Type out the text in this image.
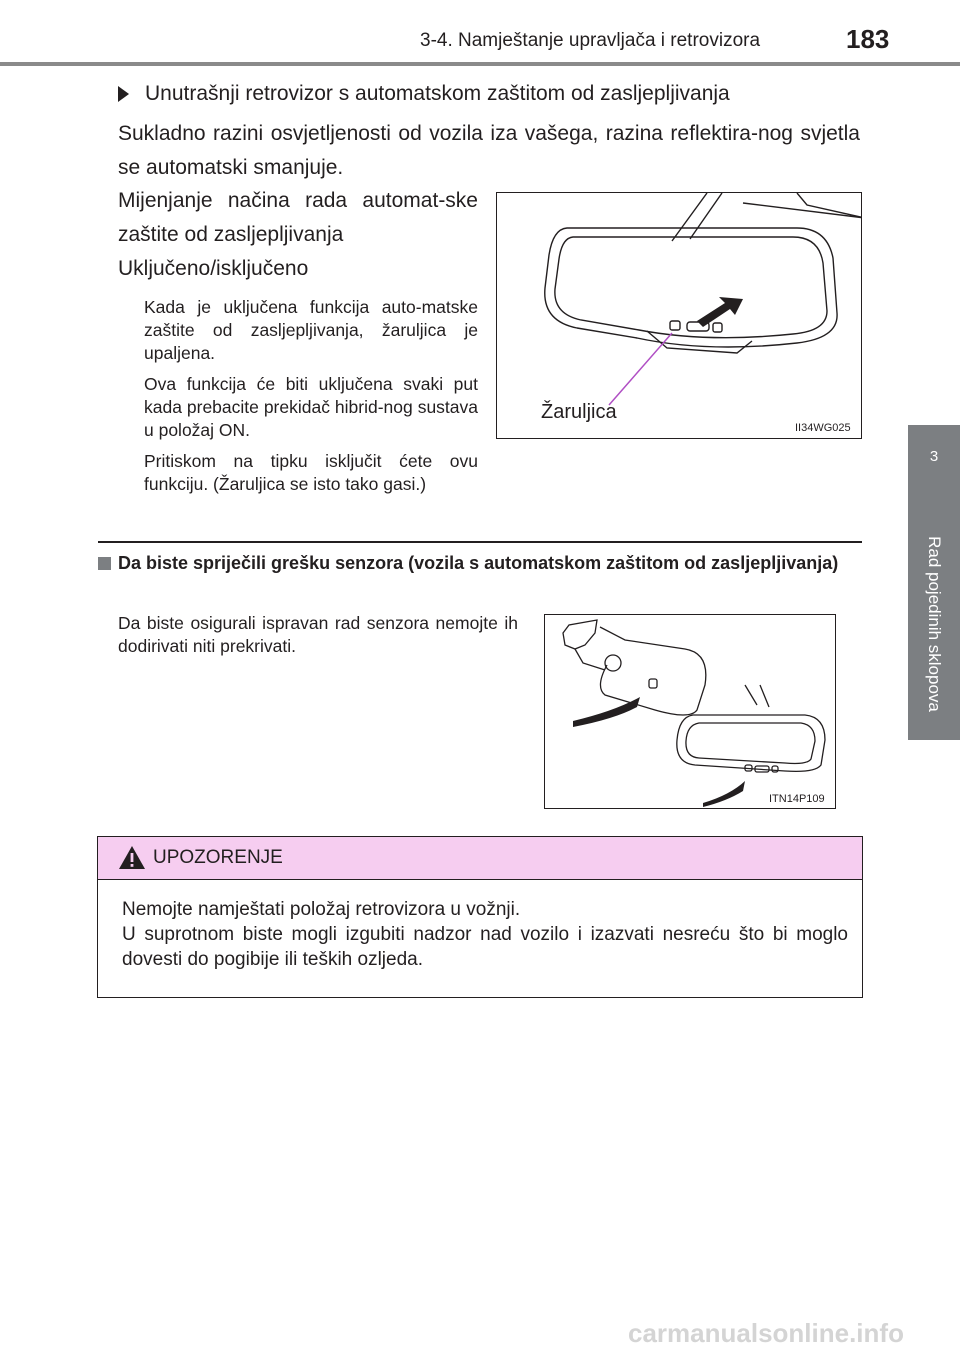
3-4. Namještanje upravljača i retrovizora	183
3
Rad pojedinih sklopova
Unutrašnji retrovizor s automatskom zaštitom od zasljepljivanja
Sukladno razini osvjetljenosti od vozila iza vašega, razina reflektira-nog svjetla se automatski smanjuje.
Mijenjanje načina rada automat-ske zaštite od zasljepljivanja
Uključeno/isključeno
Kada je uključena funkcija auto-matske zaštite od zasljepljivanja, žaruljica je upaljena.
Ova funkcija će biti uključena svaki put kada prebacite prekidač hibrid-nog sustava u položaj ON.
Pritiskom na tipku isključit ćete ovu funkciju. (Žaruljica se isto tako gasi.)
Žaruljica
II34WG025
Da biste spriječili grešku senzora (vozila s automatskom zaštitom od zasljepljivanja)
Da biste osigurali ispravan rad senzora nemojte ih dodirivati niti prekrivati.
ITN14P109
UPOZORENJE
Nemojte namještati položaj retrovizora u vožnji.
U suprotnom biste mogli izgubiti nadzor nad vozilo i izazvati nesreću što bi moglo dovesti do pogibije ili teških ozljeda.
carmanualsonline.info
